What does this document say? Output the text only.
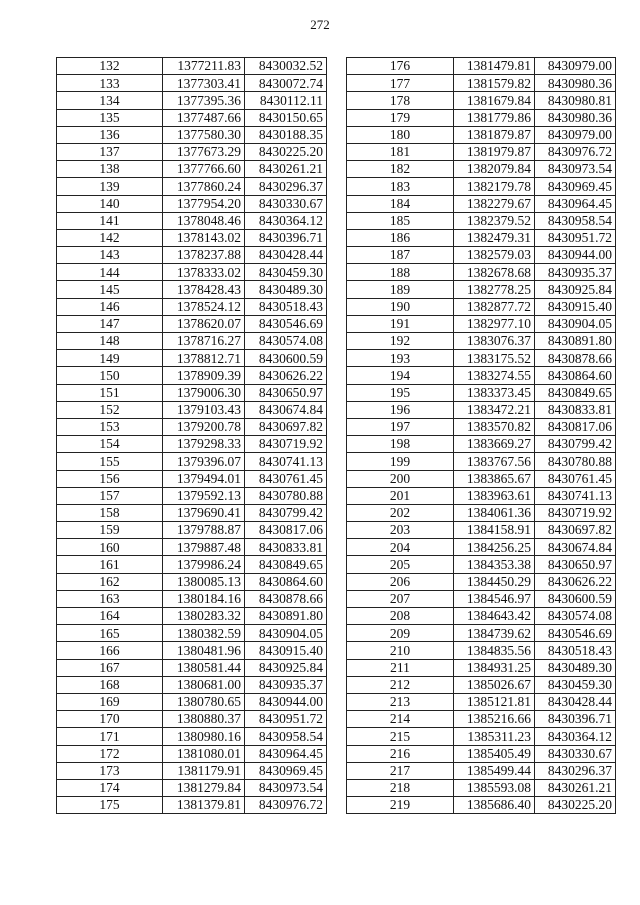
272
132	1377211.83	8430032.52
133	1377303.41	8430072.74
134	1377395.36	8430112.11
135	1377487.66	8430150.65
136	1377580.30	8430188.35
137	1377673.29	8430225.20
138	1377766.60	8430261.21
139	1377860.24	8430296.37
140	1377954.20	8430330.67
141	1378048.46	8430364.12
142	1378143.02	8430396.71
143	1378237.88	8430428.44
144	1378333.02	8430459.30
145	1378428.43	8430489.30
146	1378524.12	8430518.43
147	1378620.07	8430546.69
148	1378716.27	8430574.08
149	1378812.71	8430600.59
150	1378909.39	8430626.22
151	1379006.30	8430650.97
152	1379103.43	8430674.84
153	1379200.78	8430697.82
154	1379298.33	8430719.92
155	1379396.07	8430741.13
156	1379494.01	8430761.45
157	1379592.13	8430780.88
158	1379690.41	8430799.42
159	1379788.87	8430817.06
160	1379887.48	8430833.81
161	1379986.24	8430849.65
162	1380085.13	8430864.60
163	1380184.16	8430878.66
164	1380283.32	8430891.80
165	1380382.59	8430904.05
166	1380481.96	8430915.40
167	1380581.44	8430925.84
168	1380681.00	8430935.37
169	1380780.65	8430944.00
170	1380880.37	8430951.72
171	1380980.16	8430958.54
172	1381080.01	8430964.45
173	1381179.91	8430969.45
174	1381279.84	8430973.54
175	1381379.81	8430976.72
176	1381479.81	8430979.00
177	1381579.82	8430980.36
178	1381679.84	8430980.81
179	1381779.86	8430980.36
180	1381879.87	8430979.00
181	1381979.87	8430976.72
182	1382079.84	8430973.54
183	1382179.78	8430969.45
184	1382279.67	8430964.45
185	1382379.52	8430958.54
186	1382479.31	8430951.72
187	1382579.03	8430944.00
188	1382678.68	8430935.37
189	1382778.25	8430925.84
190	1382877.72	8430915.40
191	1382977.10	8430904.05
192	1383076.37	8430891.80
193	1383175.52	8430878.66
194	1383274.55	8430864.60
195	1383373.45	8430849.65
196	1383472.21	8430833.81
197	1383570.82	8430817.06
198	1383669.27	8430799.42
199	1383767.56	8430780.88
200	1383865.67	8430761.45
201	1383963.61	8430741.13
202	1384061.36	8430719.92
203	1384158.91	8430697.82
204	1384256.25	8430674.84
205	1384353.38	8430650.97
206	1384450.29	8430626.22
207	1384546.97	8430600.59
208	1384643.42	8430574.08
209	1384739.62	8430546.69
210	1384835.56	8430518.43
211	1384931.25	8430489.30
212	1385026.67	8430459.30
213	1385121.81	8430428.44
214	1385216.66	8430396.71
215	1385311.23	8430364.12
216	1385405.49	8430330.67
217	1385499.44	8430296.37
218	1385593.08	8430261.21
219	1385686.40	8430225.20
